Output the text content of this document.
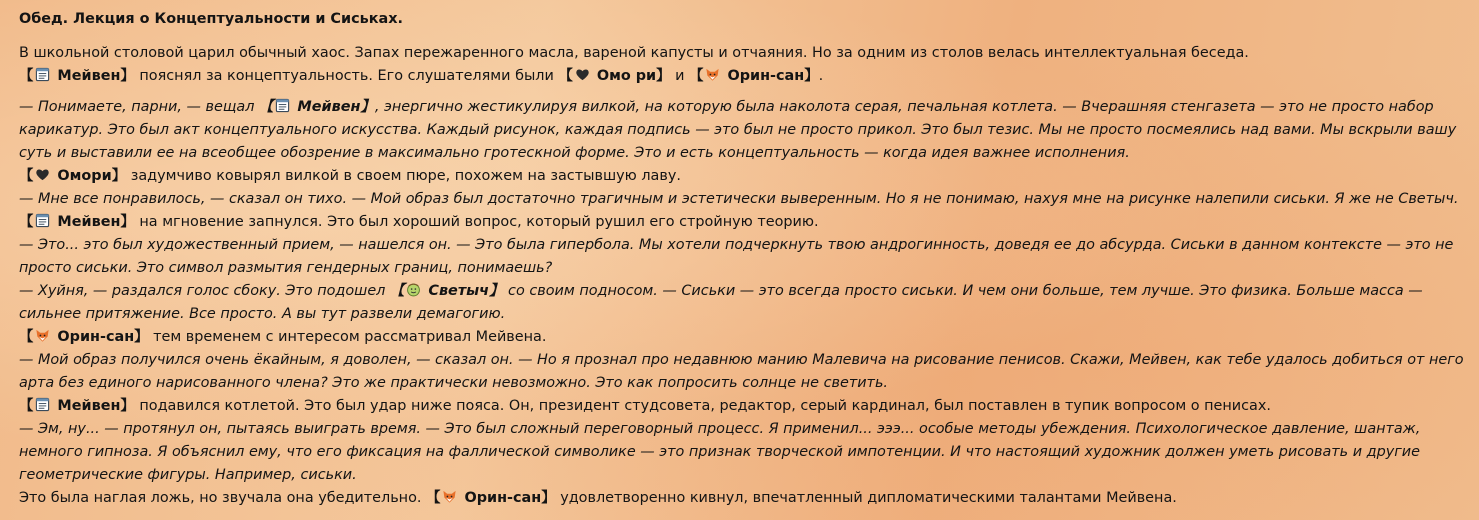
Обед. Лекция о Концептуальности и Сиськах.

В школьной столовой царил обычный хаос. Запах пережаренного масла, вареной капусты и отчаяния. Но за одним из столов велась интеллектуальная беседа.
【 Мейвен】 пояснял за концептуальность. Его слушателями были 【 Омо ри】 и 【 Орин-сан】.

— Понимаете, парни, — вещал 【 Мейвен】, энергично жестикулируя вилкой, на которую была наколота серая, печальная котлета. — Вчерашняя стенгазета — это не просто набор карикатур. Это был акт концептуального искусства. Каждый рисунок, каждая подпись — это был не просто прикол. Это был тезис. Мы не просто посмеялись над вами. Мы вскрыли вашу суть и выставили ее на всеобщее обозрение в максимально гротескной форме. Это и есть концептуальность — когда идея важнее исполнения.

【 Омори】 задумчиво ковырял вилкой в своем пюре, похожем на застывшую лаву.

— Мне все понравилось, — сказал он тихо. — Мой образ был достаточно трагичным и эстетически выверенным. Но я не понимаю, нахуя мне на рисунке налепили сиськи. Я же не Светыч.

【 Мейвен】 на мгновение запнулся. Это был хороший вопрос, который рушил его стройную теорию.

— Это... это был художественный прием, — нашелся он. — Это была гипербола. Мы хотели подчеркнуть твою андрогинность, доведя ее до абсурда. Сиськи в данном контексте — это не просто сиськи. Это символ размытия гендерных границ, понимаешь?

— Хуйня, — раздался голос сбоку. Это подошел 【 Светыч】 со своим подносом. — Сиськи — это всегда просто сиськи. И чем они больше, тем лучше. Это физика. Больше масса — сильнее притяжение. Все просто. А вы тут развели демагогию.

【 Орин-сан】 тем временем с интересом рассматривал Мейвена.

— Мой образ получился очень ёкайным, я доволен, — сказал он. — Но я прознал про недавнюю манию Малевича на рисование пенисов. Скажи, Мейвен, как тебе удалось добиться от него арта без единого нарисованного члена? Это же практически невозможно. Это как попросить солнце не светить.

【 Мейвен】 подавился котлетой. Это был удар ниже пояса. Он, президент студсовета, редактор, серый кардинал, был поставлен в тупик вопросом о пенисах.

— Эм, ну... — протянул он, пытаясь выиграть время. — Это был сложный переговорный процесс. Я применил... эээ... особые методы убеждения. Психологическое давление, шантаж, немного гипноза. Я объяснил ему, что его фиксация на фаллической символике — это признак творческой импотенции. И что настоящий художник должен уметь рисовать и другие геометрические фигуры. Например, сиськи.

Это была наглая ложь, но звучала она убедительно. 【 Орин-сан】 удовлетворенно кивнул, впечатленный дипломатическими талантами Мейвена.
